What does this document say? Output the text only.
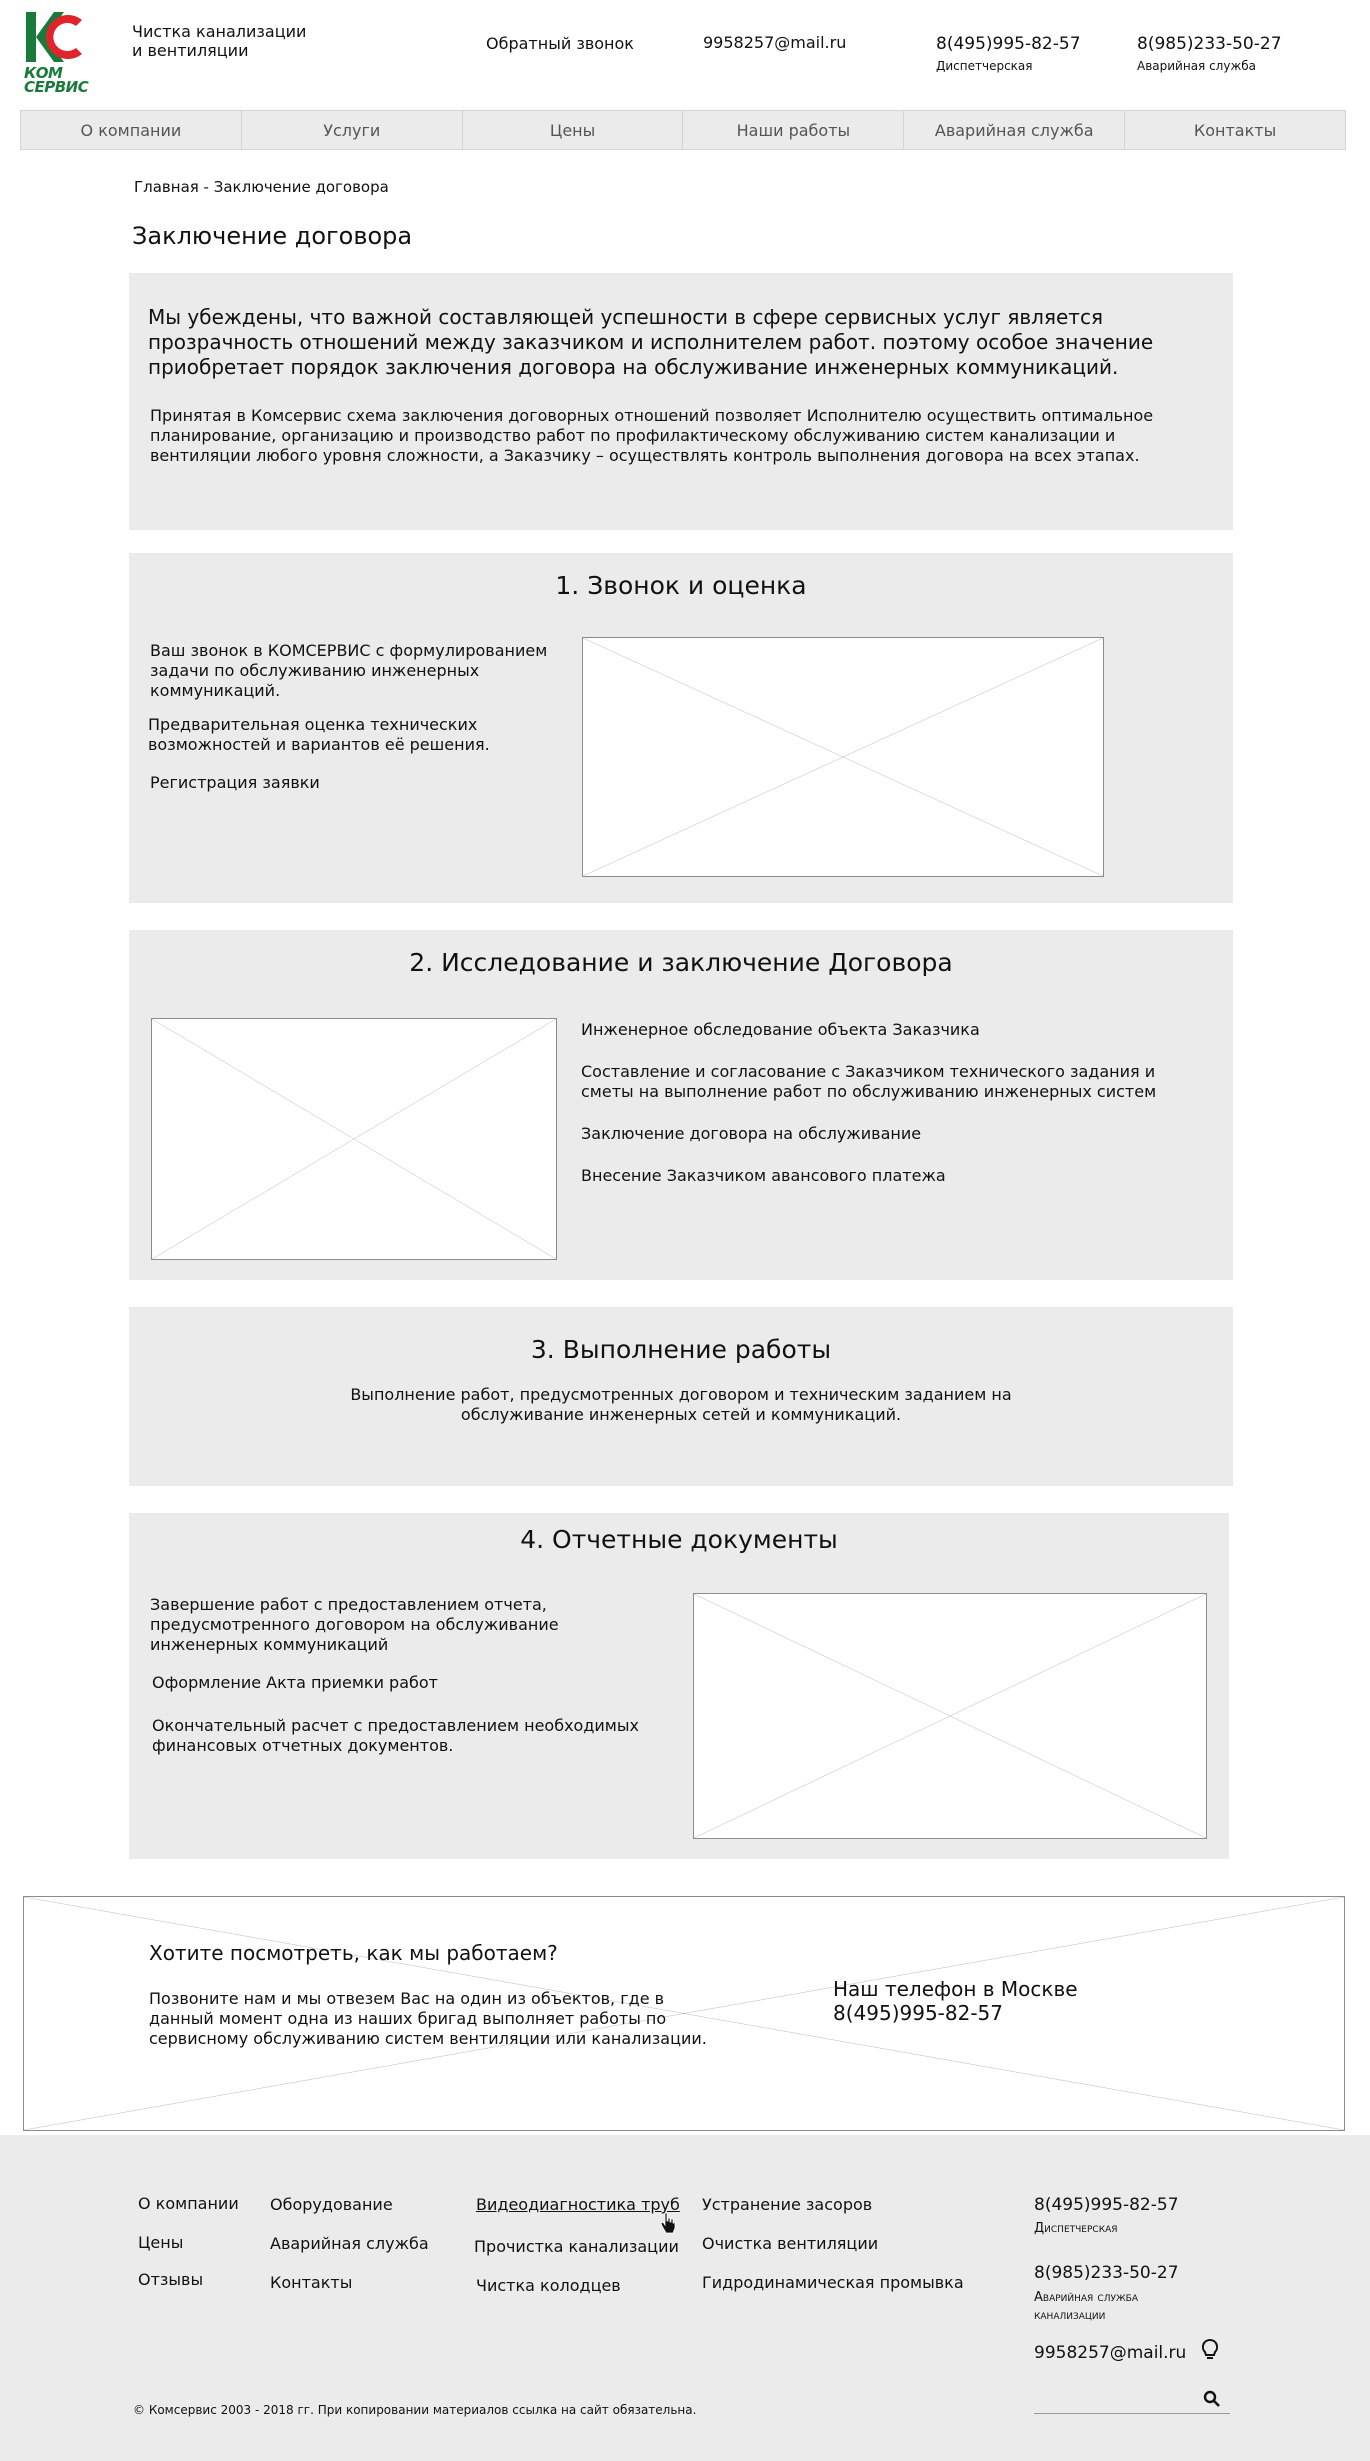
КОМ СЕРВИС
Чистка канализации
и вентиляции	Обратный звонок	9958257@mail.ru	8(495)995-82-57
Диспетчерская
8(985)233-50-27
Аварийная служба
О компании	Услуги	Цены	Наши работы	Аварийная служба	Контакты
Главная - Заключение договора
Заключение договора
Мы убеждены, что важной составляющей успешности в сфере сервисных услуг является прозрачность отношений между заказчиком и исполнителем работ. поэтому особое значение приобретает порядок заключения договора на обслуживание инженерных коммуникаций.
Принятая в Комсервис схема заключения договорных отношений позволяет Исполнителю осуществить оптимальное планирование, организацию и производство работ по профилактическому обслуживанию систем канализации и вентиляции любого уровня сложности, а Заказчику – осуществлять контроль выполнения договора на всех этапах.
1. Звонок и оценка
Ваш звонок в КОМСЕРВИС с формулированием задачи по обслуживанию инженерных коммуникаций.
Предварительная оценка технических возможностей и вариантов её решения.
Регистрация заявки
2. Исследование и заключение Договора
Инженерное обследование объекта Заказчика
Составление и согласование с Заказчиком технического задания и сметы на выполнение работ по обслуживанию инженерных систем
Заключение договора на обслуживание
Внесение Заказчиком авансового платежа
3. Выполнение работы
Выполнение работ, предусмотренных договором и техническим заданием на обслуживание инженерных сетей и коммуникаций.
4. Отчетные документы
Завершение работ с предоставлением отчета, предусмотренного договором на обслуживание инженерных коммуникаций
Оформление Акта приемки работ
Окончательный расчет с предоставлением необходимых финансовых отчетных документов.
Хотите посмотреть, как мы работаем?
Позвоните нам и мы отвезем Вас на один из объектов, где в данный момент одна из наших бригад выполняет работы по сервисному обслуживанию систем вентиляции или канализации.
Наш телефон в Москве
8(495)995-82-57
О компании
Цены
Отзывы
Оборудование
Аварийная служба
Контакты
Видеодиагностика труб
Прочистка канализации
Чистка колодцев
Устранение засоров
Очистка вентиляции
Гидродинамическая промывка
8(495)995-82-57
Диспетчерская
8(985)233-50-27
Аварийная служба канализации
9958257@mail.ru
© Комсервис 2003 - 2018 гг. При копировании материалов ссылка на сайт обязательна.
